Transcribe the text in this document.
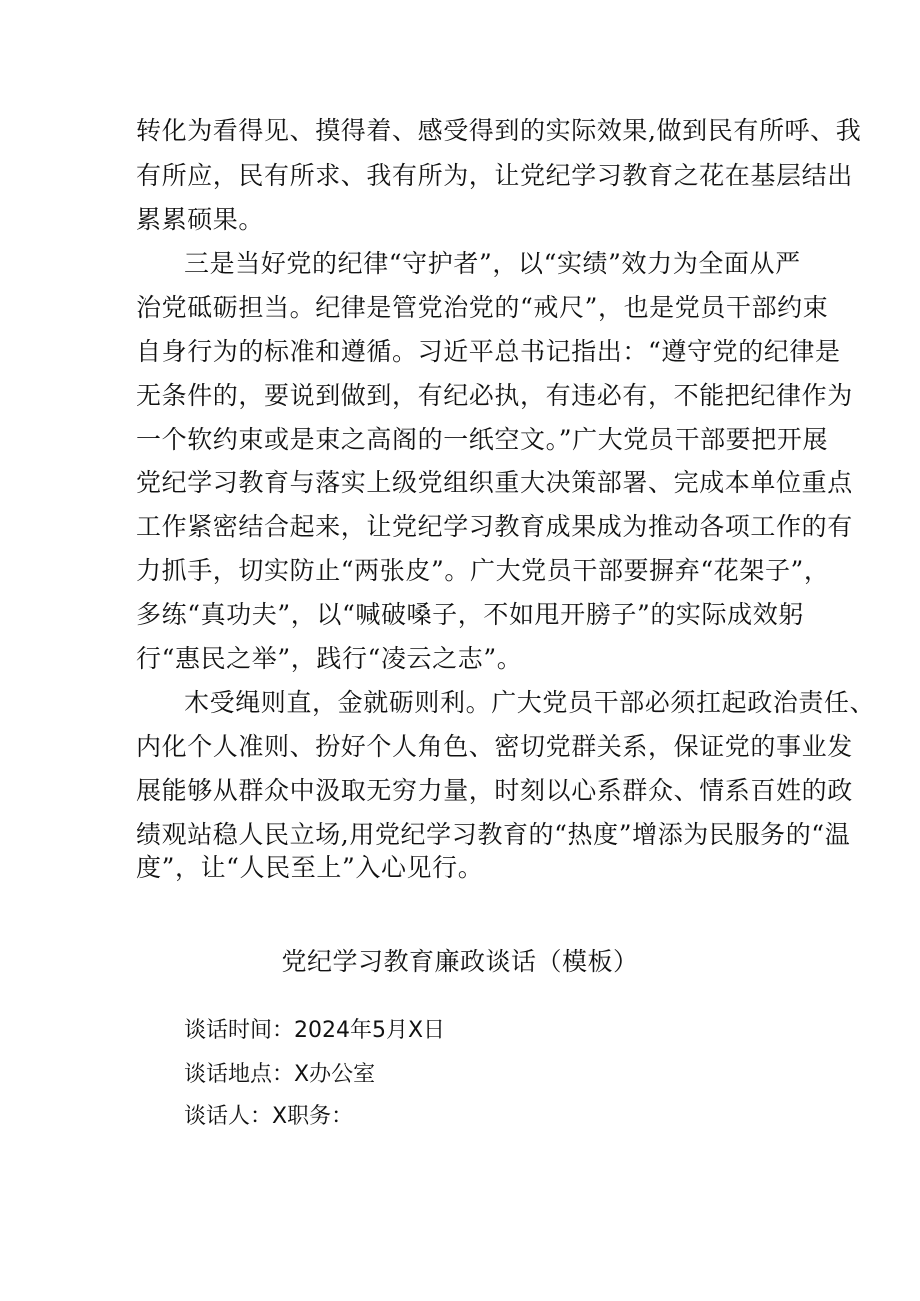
转化为看得见、摸得着、感受得到的实际效果,做到民有所呼、我
有所应，民有所求、我有所为，让党纪学习教育之花在基层结出
累累硕果。
三是当好党的纪律“守护者”，以“实绩”效力为全面从严
治党砥砺担当。纪律是管党治党的“戒尺”，也是党员干部约束
自身行为的标准和遵循。习近平总书记指出：“遵守党的纪律是
无条件的，要说到做到，有纪必执，有违必有，不能把纪律作为
一个软约束或是束之高阁的一纸空文。”广大党员干部要把开展
党纪学习教育与落实上级党组织重大决策部署、完成本单位重点
工作紧密结合起来，让党纪学习教育成果成为推动各项工作的有
力抓手，切实防止“两张皮”。广大党员干部要摒弃“花架子”，
多练“真功夫”，以“喊破嗓子，不如甩开膀子”的实际成效躬
行“惠民之举”，践行“凌云之志”。
木受绳则直，金就砺则利。广大党员干部必须扛起政治责任、
内化个人准则、扮好个人角色、密切党群关系，保证党的事业发
展能够从群众中汲取无穷力量，时刻以心系群众、情系百姓的政
绩观站稳人民立场,用党纪学习教育的“热度”增添为民服务的“温
度”，让“人民至上”入心见行。
党纪学习教育廉政谈话（模板）
谈话时间：2024年5月X日
谈话地点：X办公室
谈话人：X职务：
